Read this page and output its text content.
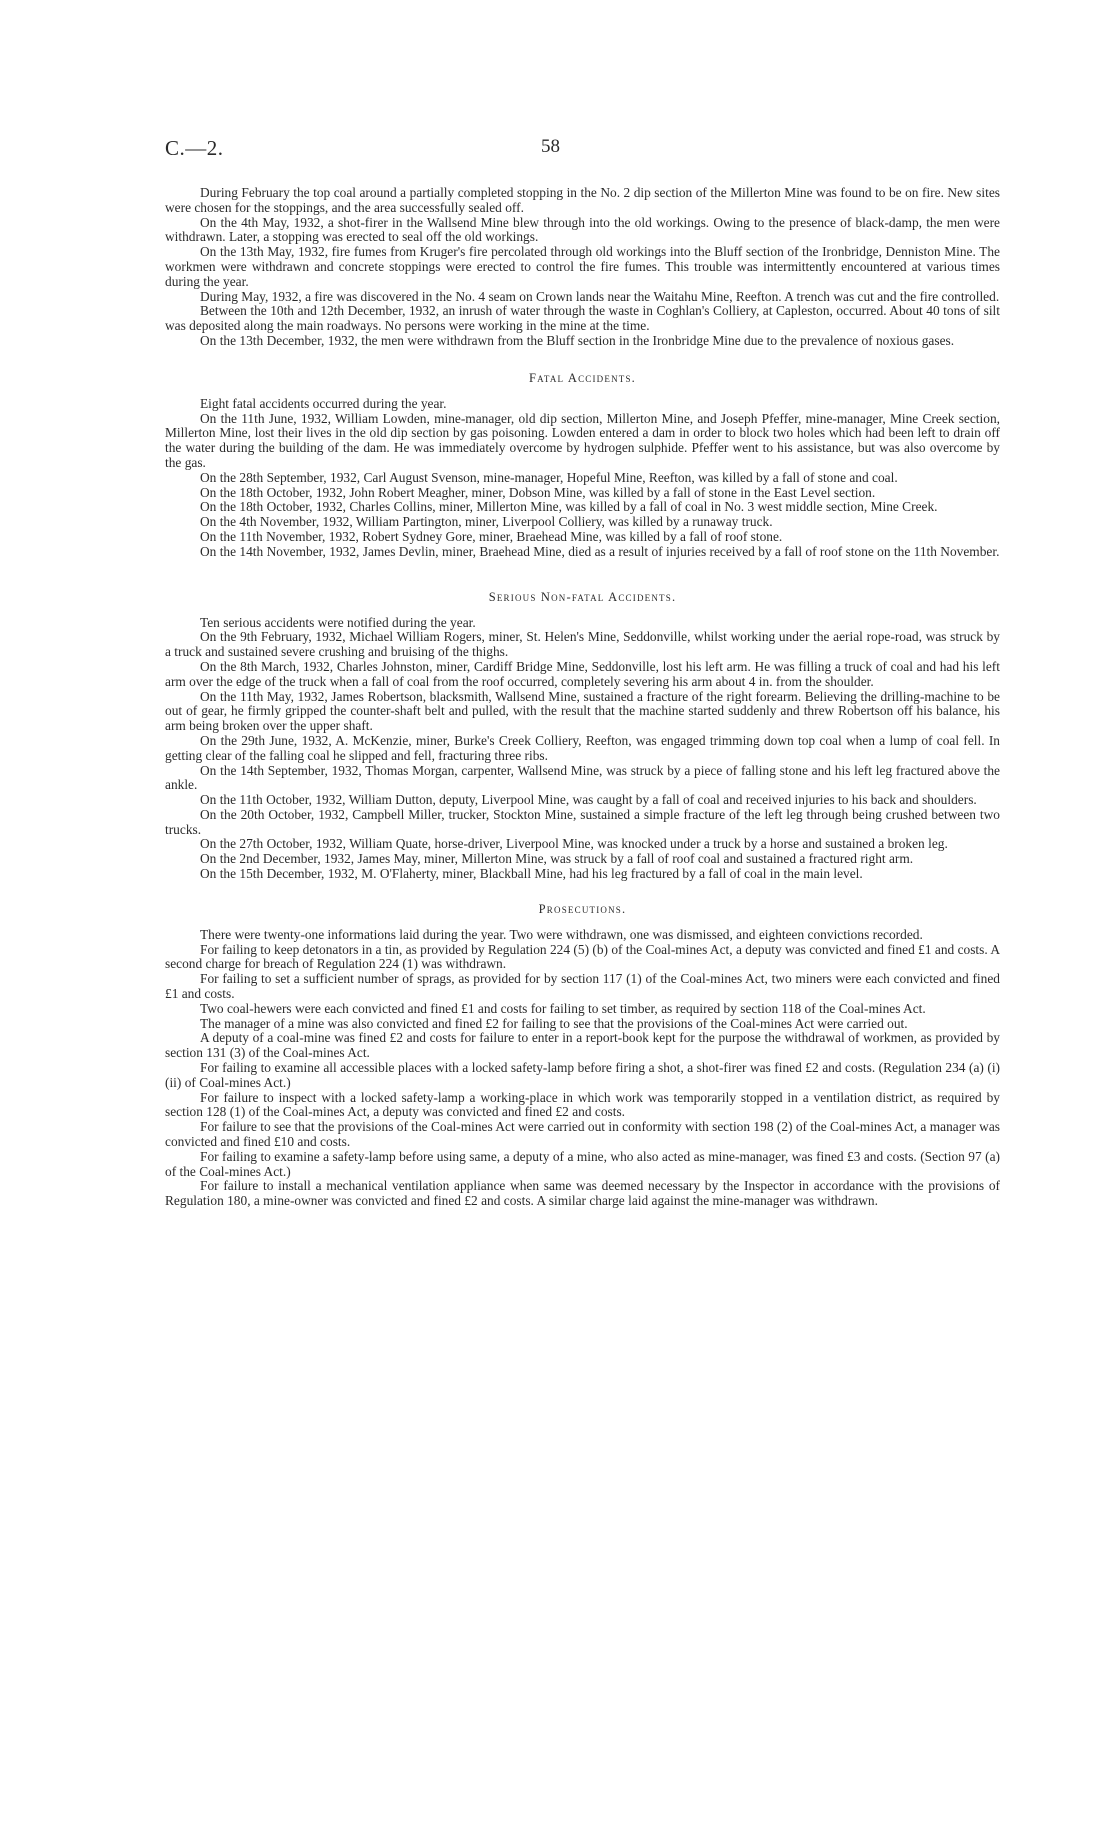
C.—2.	58

During February the top coal around a partially completed stopping in the No. 2 dip section of the Millerton Mine was found to be on fire. New sites were chosen for the stoppings, and the area successfully sealed off.

On the 4th May, 1932, a shot-firer in the Wallsend Mine blew through into the old workings. Owing to the presence of black-damp, the men were withdrawn. Later, a stopping was erected to seal off the old workings.

On the 13th May, 1932, fire fumes from Kruger's fire percolated through old workings into the Bluff section of the Ironbridge, Denniston Mine. The workmen were withdrawn and concrete stoppings were erected to control the fire fumes. This trouble was intermittently encountered at various times during the year.

During May, 1932, a fire was discovered in the No. 4 seam on Crown lands near the Waitahu Mine, Reefton. A trench was cut and the fire controlled.

Between the 10th and 12th December, 1932, an inrush of water through the waste in Coghlan's Colliery, at Capleston, occurred. About 40 tons of silt was deposited along the main roadways. No persons were working in the mine at the time.

On the 13th December, 1932, the men were withdrawn from the Bluff section in the Ironbridge Mine due to the prevalence of noxious gases.

Fatal Accidents.

Eight fatal accidents occurred during the year.

On the 11th June, 1932, William Lowden, mine-manager, old dip section, Millerton Mine, and Joseph Pfeffer, mine-manager, Mine Creek section, Millerton Mine, lost their lives in the old dip section by gas poisoning. Lowden entered a dam in order to block two holes which had been left to drain off the water during the building of the dam. He was immediately overcome by hydrogen sulphide. Pfeffer went to his assistance, but was also overcome by the gas.

On the 28th September, 1932, Carl August Svenson, mine-manager, Hopeful Mine, Reefton, was killed by a fall of stone and coal.

On the 18th October, 1932, John Robert Meagher, miner, Dobson Mine, was killed by a fall of stone in the East Level section.

On the 18th October, 1932, Charles Collins, miner, Millerton Mine, was killed by a fall of coal in No. 3 west middle section, Mine Creek.

On the 4th November, 1932, William Partington, miner, Liverpool Colliery, was killed by a runaway truck.

On the 11th November, 1932, Robert Sydney Gore, miner, Braehead Mine, was killed by a fall of roof stone.

On the 14th November, 1932, James Devlin, miner, Braehead Mine, died as a result of injuries received by a fall of roof stone on the 11th November.

Serious Non-fatal Accidents.

Ten serious accidents were notified during the year.

On the 9th February, 1932, Michael William Rogers, miner, St. Helen's Mine, Seddonville, whilst working under the aerial rope-road, was struck by a truck and sustained severe crushing and bruising of the thighs.

On the 8th March, 1932, Charles Johnston, miner, Cardiff Bridge Mine, Seddonville, lost his left arm. He was filling a truck of coal and had his left arm over the edge of the truck when a fall of coal from the roof occurred, completely severing his arm about 4 in. from the shoulder.

On the 11th May, 1932, James Robertson, blacksmith, Wallsend Mine, sustained a fracture of the right forearm. Believing the drilling-machine to be out of gear, he firmly gripped the counter-shaft belt and pulled, with the result that the machine started suddenly and threw Robertson off his balance, his arm being broken over the upper shaft.

On the 29th June, 1932, A. McKenzie, miner, Burke's Creek Colliery, Reefton, was engaged trimming down top coal when a lump of coal fell. In getting clear of the falling coal he slipped and fell, fracturing three ribs.

On the 14th September, 1932, Thomas Morgan, carpenter, Wallsend Mine, was struck by a piece of falling stone and his left leg fractured above the ankle.

On the 11th October, 1932, William Dutton, deputy, Liverpool Mine, was caught by a fall of coal and received injuries to his back and shoulders.

On the 20th October, 1932, Campbell Miller, trucker, Stockton Mine, sustained a simple fracture of the left leg through being crushed between two trucks.

On the 27th October, 1932, William Quate, horse-driver, Liverpool Mine, was knocked under a truck by a horse and sustained a broken leg.

On the 2nd December, 1932, James May, miner, Millerton Mine, was struck by a fall of roof coal and sustained a fractured right arm.

On the 15th December, 1932, M. O'Flaherty, miner, Blackball Mine, had his leg fractured by a fall of coal in the main level.

Prosecutions.

There were twenty-one informations laid during the year. Two were withdrawn, one was dismissed, and eighteen convictions recorded.

For failing to keep detonators in a tin, as provided by Regulation 224 (5) (b) of the Coal-mines Act, a deputy was convicted and fined £1 and costs. A second charge for breach of Regulation 224 (1) was withdrawn.

For failing to set a sufficient number of sprags, as provided for by section 117 (1) of the Coal-mines Act, two miners were each convicted and fined £1 and costs.

Two coal-hewers were each convicted and fined £1 and costs for failing to set timber, as required by section 118 of the Coal-mines Act.

The manager of a mine was also convicted and fined £2 for failing to see that the provisions of the Coal-mines Act were carried out.

A deputy of a coal-mine was fined £2 and costs for failure to enter in a report-book kept for the purpose the withdrawal of workmen, as provided by section 131 (3) of the Coal-mines Act.

For failing to examine all accessible places with a locked safety-lamp before firing a shot, a shot-firer was fined £2 and costs. (Regulation 234 (a) (i) (ii) of Coal-mines Act.)

For failure to inspect with a locked safety-lamp a working-place in which work was temporarily stopped in a ventilation district, as required by section 128 (1) of the Coal-mines Act, a deputy was convicted and fined £2 and costs.

For failure to see that the provisions of the Coal-mines Act were carried out in conformity with section 198 (2) of the Coal-mines Act, a manager was convicted and fined £10 and costs.

For failing to examine a safety-lamp before using same, a deputy of a mine, who also acted as mine-manager, was fined £3 and costs. (Section 97 (a) of the Coal-mines Act.)

For failure to install a mechanical ventilation appliance when same was deemed necessary by the Inspector in accordance with the provisions of Regulation 180, a mine-owner was convicted and fined £2 and costs. A similar charge laid against the mine-manager was withdrawn.
